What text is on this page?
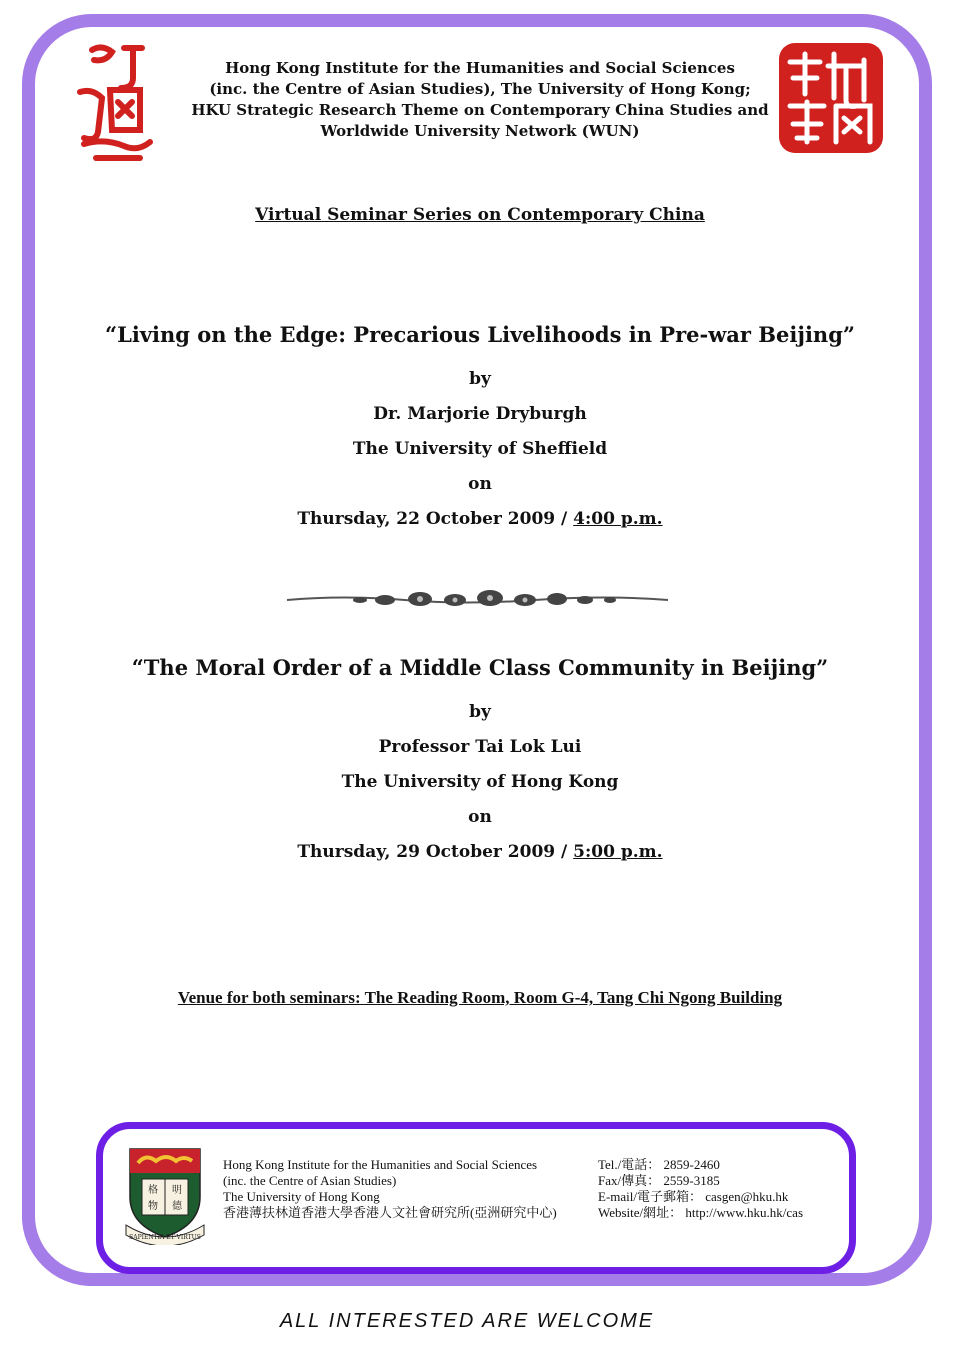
Hong Kong Institute for the Humanities and Social Sciences
(inc. the Centre of Asian Studies), The University of Hong Kong;
HKU Strategic Research Theme on Contemporary China Studies and
Worldwide University Network (WUN)
Virtual Seminar Series on Contemporary China
“Living on the Edge: Precarious Livelihoods in Pre-war Beijing”
by
Dr. Marjorie Dryburgh
The University of Sheffield
on
Thursday, 22 October 2009 / 4:00 p.m.
“The Moral Order of a Middle Class Community in Beijing”
by
Professor Tai Lok Lui
The University of Hong Kong
on
Thursday, 29 October 2009 / 5:00 p.m.
Venue for both seminars: The Reading Room, Room G-4, Tang Chi Ngong Building
格
物
明
德
SAPIENTIA·ET·VIRTUS
Hong Kong Institute for the Humanities and Social Sciences
(inc. the Centre of Asian Studies)
The University of Hong Kong
香港薄扶林道香港大學香港人文社會研究所(亞洲研究中心)
Tel./電話： 2859-2460
Fax/傳真： 2559-3185
E-mail/電子郵箱： casgen@hku.hk
Website/網址： http://www.hku.hk/cas
ALL INTERESTED ARE WELCOME
